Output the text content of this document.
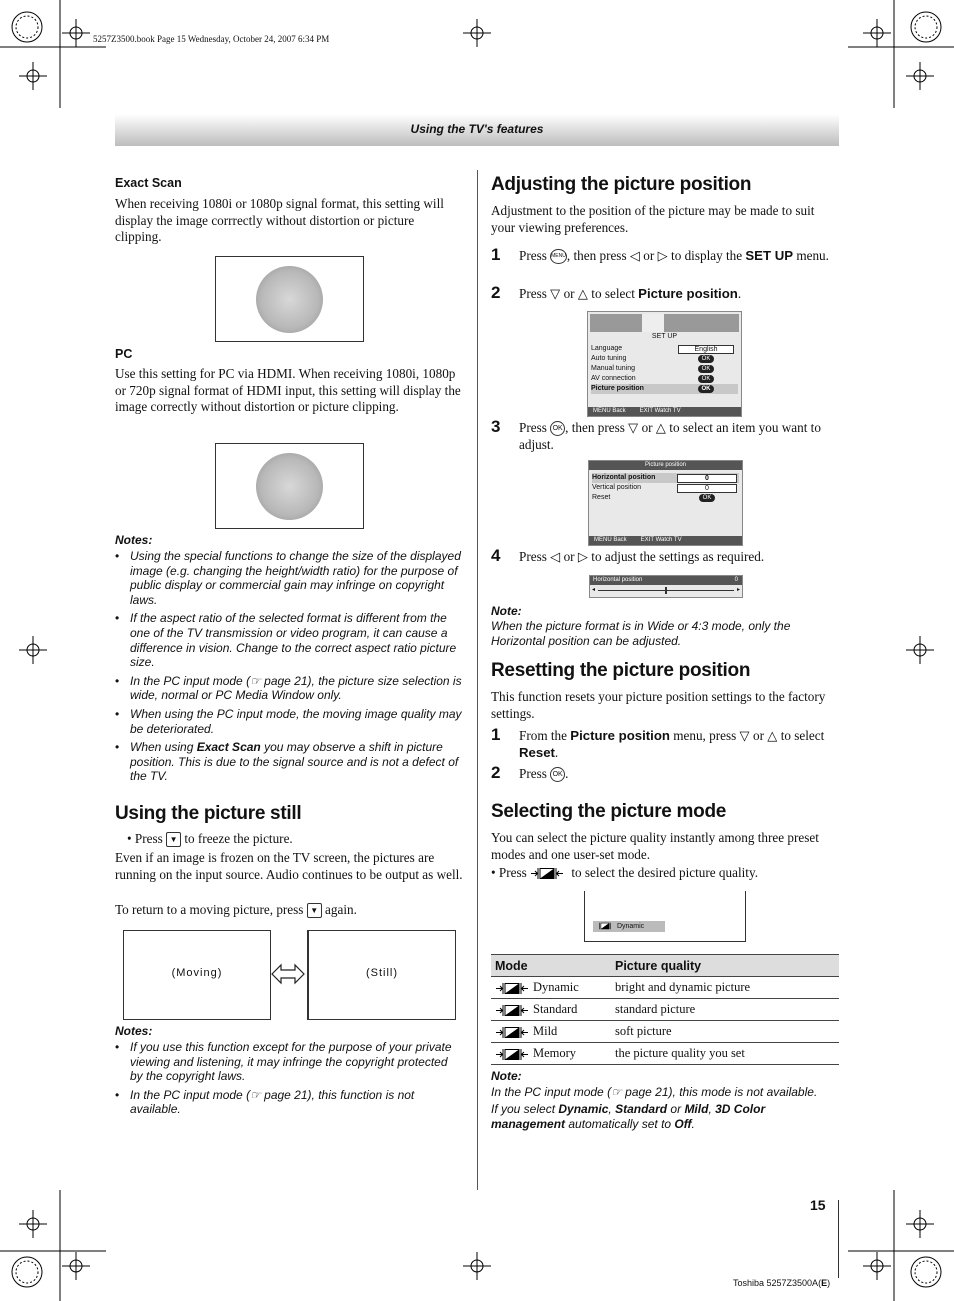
5257Z3500.book Page 15 Wednesday, October 24, 2007 6:34 PM
Using the TV's features
Exact Scan

When receiving 1080i or 1080p signal format, this setting will display the image corrrectly without distortion or picture clipping.

PC

Use this setting for PC via HDMI. When receiving 1080i, 1080p or 720p signal format of HDMI input, this setting will display the image correctly without distortion or picture clipping.

Notes:
• Using the special functions to change the size of the displayed image (e.g. changing the height/width ratio) for the purpose of public display or commercial gain may infringe on copyright laws.
• If the aspect ratio of the selected format is different from the one of the TV transmission or video program, it can cause a difference in vision. Change to the correct aspect ratio picture size.
• In the PC input mode (☞ page 21), the picture size selection is wide, normal or PC Media Window only.
• When using the PC input mode, the moving image quality may be deteriorated.
• When using Exact Scan you may observe a shift in picture position. This is due to the signal source and is not a defect of the TV.
Using the picture still

• Press ▼ to freeze the picture.

Even if an image is frozen on the TV screen, the pictures are running on the input source. Audio continues to be output as well.

To return to a moving picture, press ▼ again.

(Moving)	(Still)
Notes:
• If you use this function except for the purpose of your private viewing and listening, it may infringe the copyright protected by the copyright laws.
• In the PC input mode (☞ page 21), this function is not available.
Adjusting the picture position

Adjustment to the position of the picture may be made to suit your viewing preferences.

1 Press MENU, then press ◁ or ▷ to display the SET UP menu.

2 Press ▽ or △ to select Picture position.

SET UP
Language	English
Auto tuning	OK
Manual tuning	OK
AV connection	OK
Picture position	OK
MENU Back EXIT Watch TV
3 Press OK , then press ▽ or △ to select an item you want to adjust.

Picture position
Horizontal position	0
Vertical position	0
Reset	OK
MENU Back EXIT Watch TV
4 Press ◁ or ▷ to adjust the settings as required.

Horizontal position	0
◂	▸
Note:

When the picture format is in Wide or 4:3 mode, only the Horizontal position can be adjusted.

Resetting the picture position

This function resets your picture position settings to the factory settings.

1 From the Picture position menu, press ▽ or △ to select Reset.

2 Press OK .

Selecting the picture mode

You can select the picture quality instantly among three preset modes and one user-set mode.

• Press	to select the desired picture quality.

Dynamic
Mode	Picture quality
Dynamic	bright and dynamic picture
Standard	standard picture
Mild	soft picture
Memory	the picture quality you set
Note:

In the PC input mode (☞ page 21), this mode is not available.

If you select Dynamic, Standard or Mild, 3D Color management automatically set to Off.

15
Toshiba 5257Z3500A(E)
